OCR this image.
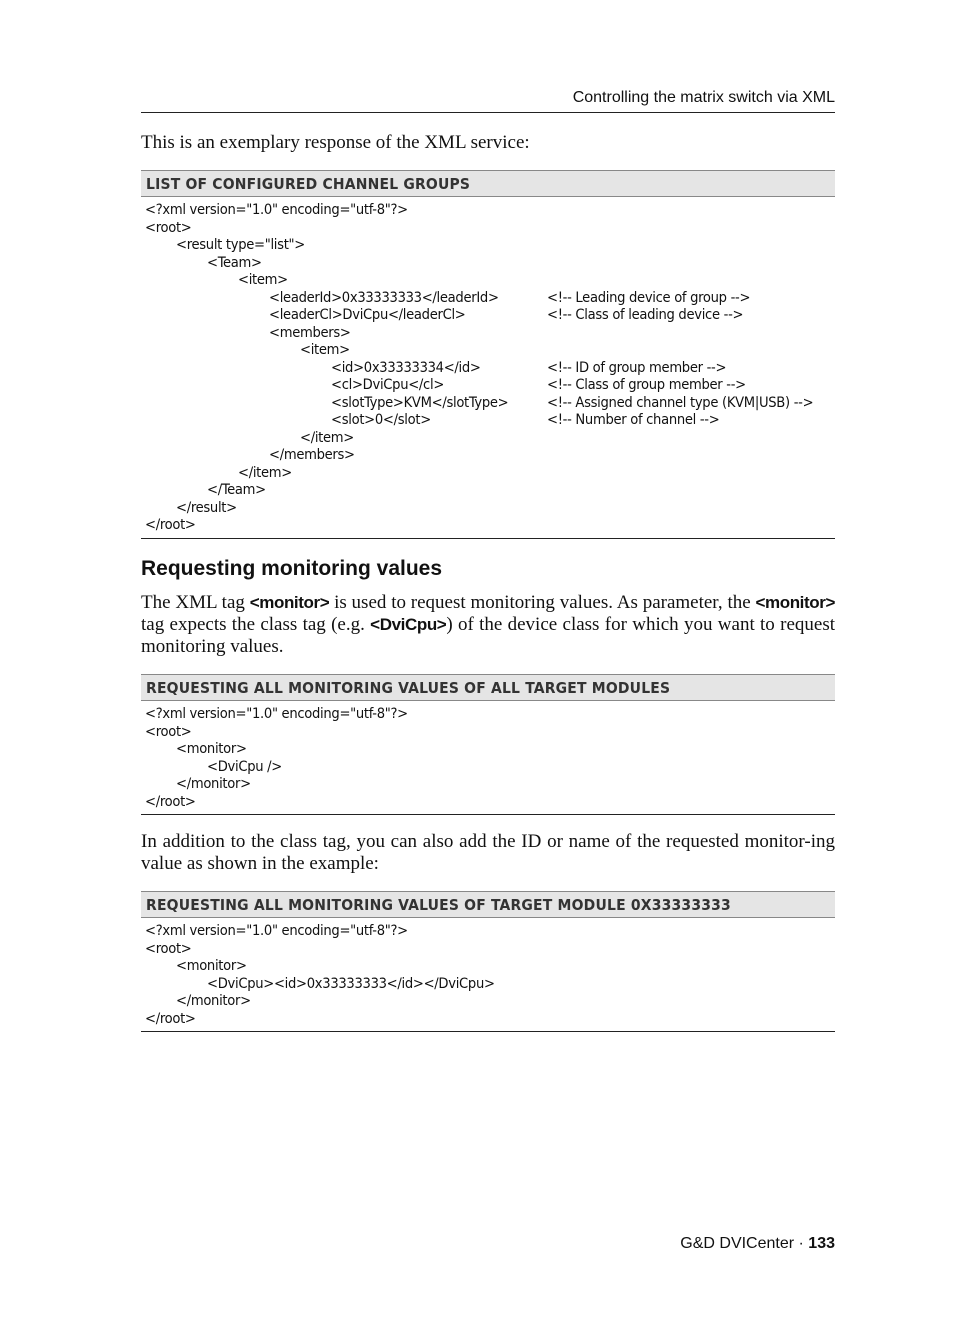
Controlling the matrix switch via XML

This is an exemplary response of the XML service:

LIST OF CONFIGURED CHANNEL GROUPS
<?xml version="1.0" encoding="utf-8"?>
<root>
<result type="list">
<Team>
<item>
<leaderId>0x33333333</leaderId>	<!-- Leading device of group -->
<leaderCl>DviCpu</leaderCl>	<!-- Class of leading device -->
<members>
<item>
<id>0x33333334</id>	<!-- ID of group member -->
<cl>DviCpu</cl>	<!-- Class of group member -->
<slotType>KVM</slotType>	<!-- Assigned channel type (KVM|USB) -->
<slot>0</slot>	<!-- Number of channel -->
</item>
</members>
</item>
</Team>
</result>
</root>
Requesting monitoring values

The XML tag <monitor> is used to request monitoring values. As parameter, the <monitor> tag expects the class tag (e.g. <DviCpu>) of the device class for which you want to request monitoring values.

REQUESTING ALL MONITORING VALUES OF ALL TARGET MODULES
<?xml version="1.0" encoding="utf-8"?>
<root>
<monitor>
<DviCpu />
</monitor>
</root>

In addition to the class tag, you can also add the ID or name of the requested monitor-ing value as shown in the example:

REQUESTING ALL MONITORING VALUES OF TARGET MODULE 0X33333333
<?xml version="1.0" encoding="utf-8"?>
<root>
<monitor>
<DviCpu><id>0x33333333</id></DviCpu>
</monitor>
</root>
G&D DVICenter · 133
